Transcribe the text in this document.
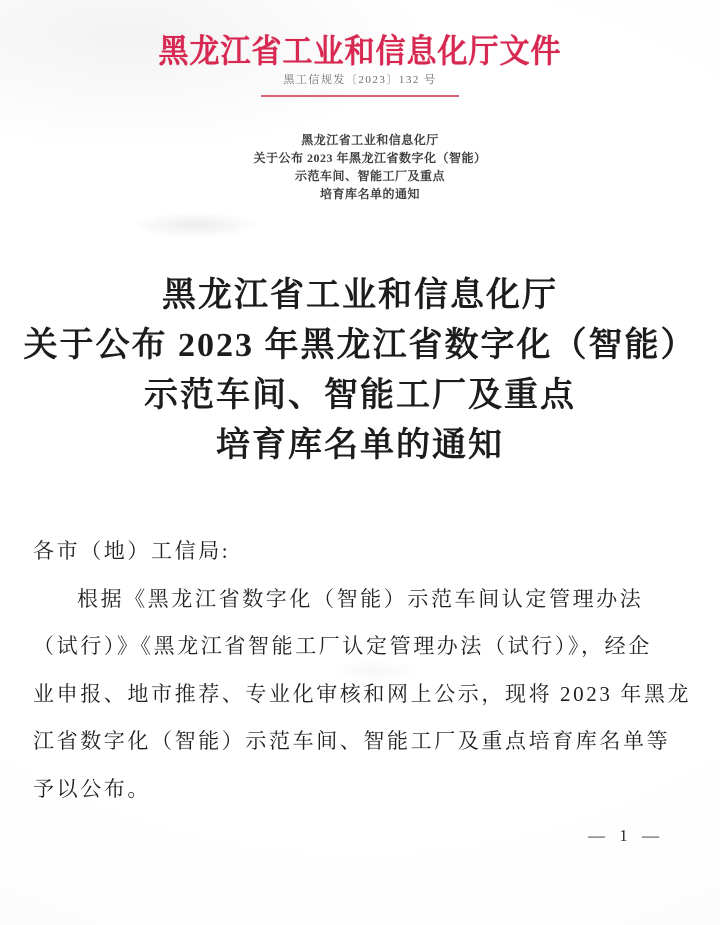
黑龙江省工业和信息化厅文件
黑工信规发〔2023〕132 号
黑龙江省工业和信息化厅
关于公布 2023 年黑龙江省数字化（智能）
示范车间、智能工厂及重点
培育库名单的通知
黑龙江省工业和信息化厅
关于公布 2023 年黑龙江省数字化（智能）
示范车间、智能工厂及重点
培育库名单的通知
各市（地）工信局:
根据《黑龙江省数字化（智能）示范车间认定管理办法
（试行）》《黑龙江省智能工厂认定管理办法（试行）》，经企
业申报、地市推荐、专业化审核和网上公示，现将 2023 年黑龙
江省数字化（智能）示范车间、智能工厂及重点培育库名单等
予以公布。
— 1 —
